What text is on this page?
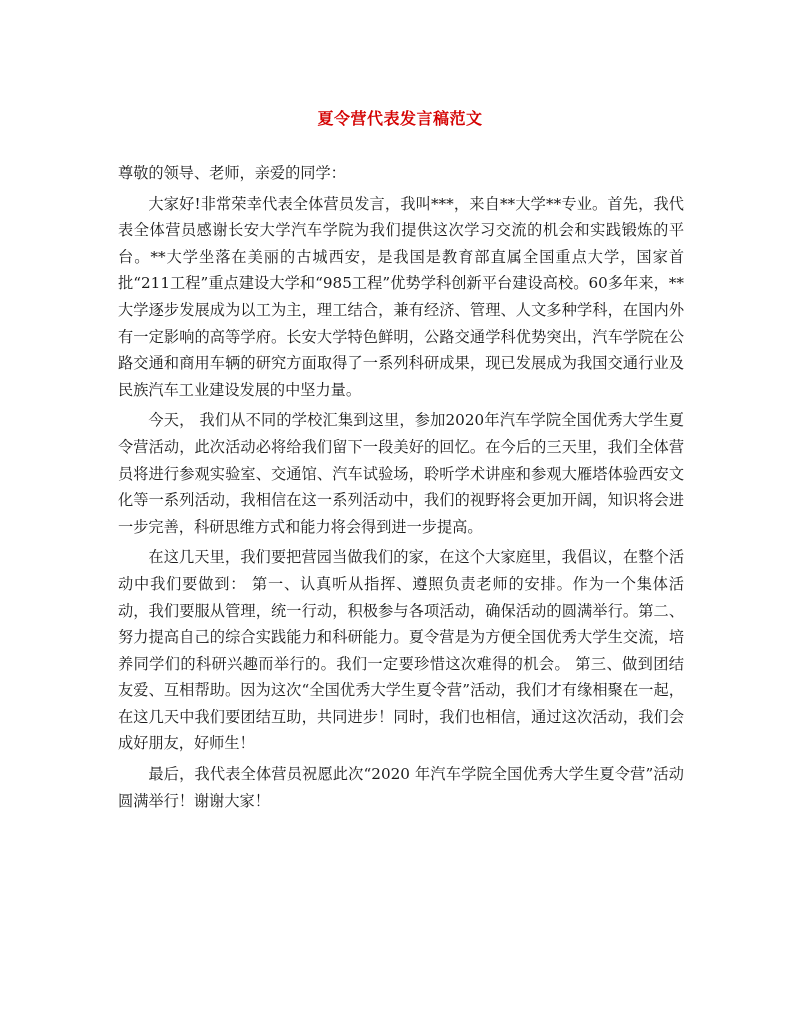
夏令营代表发言稿范文

尊敬的领导、老师，亲爱的同学：

大家好!非常荣幸代表全体营员发言，我叫***，来自**大学**专业。首先，我代表全体营员感谢长安大学汽车学院为我们提供这次学习交流的机会和实践锻炼的平台。**大学坐落在美丽的古城西安，是我国是教育部直属全国重点大学，国家首批“211工程”重点建设大学和“985工程”优势学科创新平台建设高校。60多年来，**大学逐步发展成为以工为主，理工结合，兼有经济、管理、人文多种学科，在国内外有一定影响的高等学府。长安大学特色鲜明，公路交通学科优势突出，汽车学院在公路交通和商用车辆的研究方面取得了一系列科研成果，现已发展成为我国交通行业及民族汽车工业建设发展的中坚力量。

今天， 我们从不同的学校汇集到这里，参加2020年汽车学院全国优秀大学生夏令营活动，此次活动必将给我们留下一段美好的回忆。在今后的三天里，我们全体营员将进行参观实验室、交通馆、汽车试验场，聆听学术讲座和参观大雁塔体验西安文化等一系列活动，我相信在这一系列活动中，我们的视野将会更加开阔，知识将会进一步完善，科研思维方式和能力将会得到进一步提高。

在这几天里，我们要把营园当做我们的家，在这个大家庭里，我倡议，在整个活动中我们要做到： 第一、认真听从指挥、遵照负责老师的安排。作为一个集体活动，我们要服从管理，统一行动，积极参与各项活动，确保活动的圆满举行。第二、努力提高自己的综合实践能力和科研能力。夏令营是为方便全国优秀大学生交流，培养同学们的科研兴趣而举行的。我们一定要珍惜这次难得的机会。 第三、做到团结友爱、互相帮助。因为这次“全国优秀大学生夏令营”活动，我们才有缘相聚在一起，在这几天中我们要团结互助，共同进步！同时，我们也相信，通过这次活动，我们会成好朋友，好师生！

最后，我代表全体营员祝愿此次“2020 年汽车学院全国优秀大学生夏令营”活动圆满举行！谢谢大家！
